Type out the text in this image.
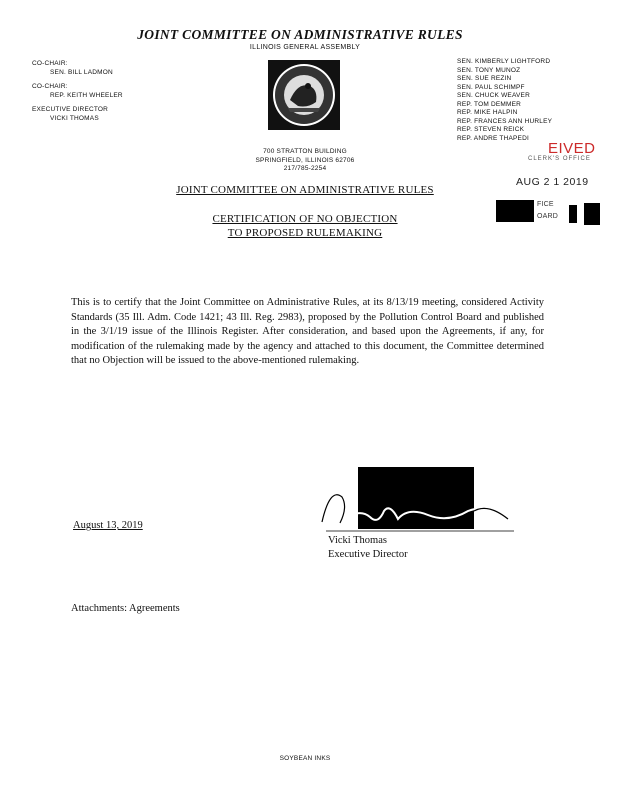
JOINT COMMITTEE ON ADMINISTRATIVE RULES
ILLINOIS GENERAL ASSEMBLY
CO-CHAIR:
SEN. BILL LADMON
CO-CHAIR:
REP. KEITH WHEELER
EXECUTIVE DIRECTOR
VICKI THOMAS
SEN. KIMBERLY LIGHTFORD
SEN. TONY MUNOZ
SEN. SUE REZIN
SEN. PAUL SCHIMPF
SEN. CHUCK WEAVER
REP. TOM DEMMER
REP. MIKE HALPIN
REP. FRANCES ANN HURLEY
REP. STEVEN REICK
REP. ANDRE THAPEDI
700 STRATTON BUILDING
SPRINGFIELD, ILLINOIS 62706
217/785-2254
EIVED
CLERK'S OFFICE
AUG 2 1 2019
FICE
OARD
JOINT COMMITTEE ON ADMINISTRATIVE RULES
CERTIFICATION OF NO OBJECTION
TO PROPOSED RULEMAKING
This is to certify that the Joint Committee on Administrative Rules, at its 8/13/19 meeting, considered Activity Standards (35 Ill. Adm. Code 1421; 43 Ill. Reg. 2983), proposed by the Pollution Control Board and published in the 3/1/19 issue of the Illinois Register. After consideration, and based upon the Agreements, if any, for modification of the rulemaking made by the agency and attached to this document, the Committee determined that no Objection will be issued to the above-mentioned rulemaking.
August 13, 2019
Vicki Thomas
Executive Director
Attachments: Agreements
SOYBEAN INKS
